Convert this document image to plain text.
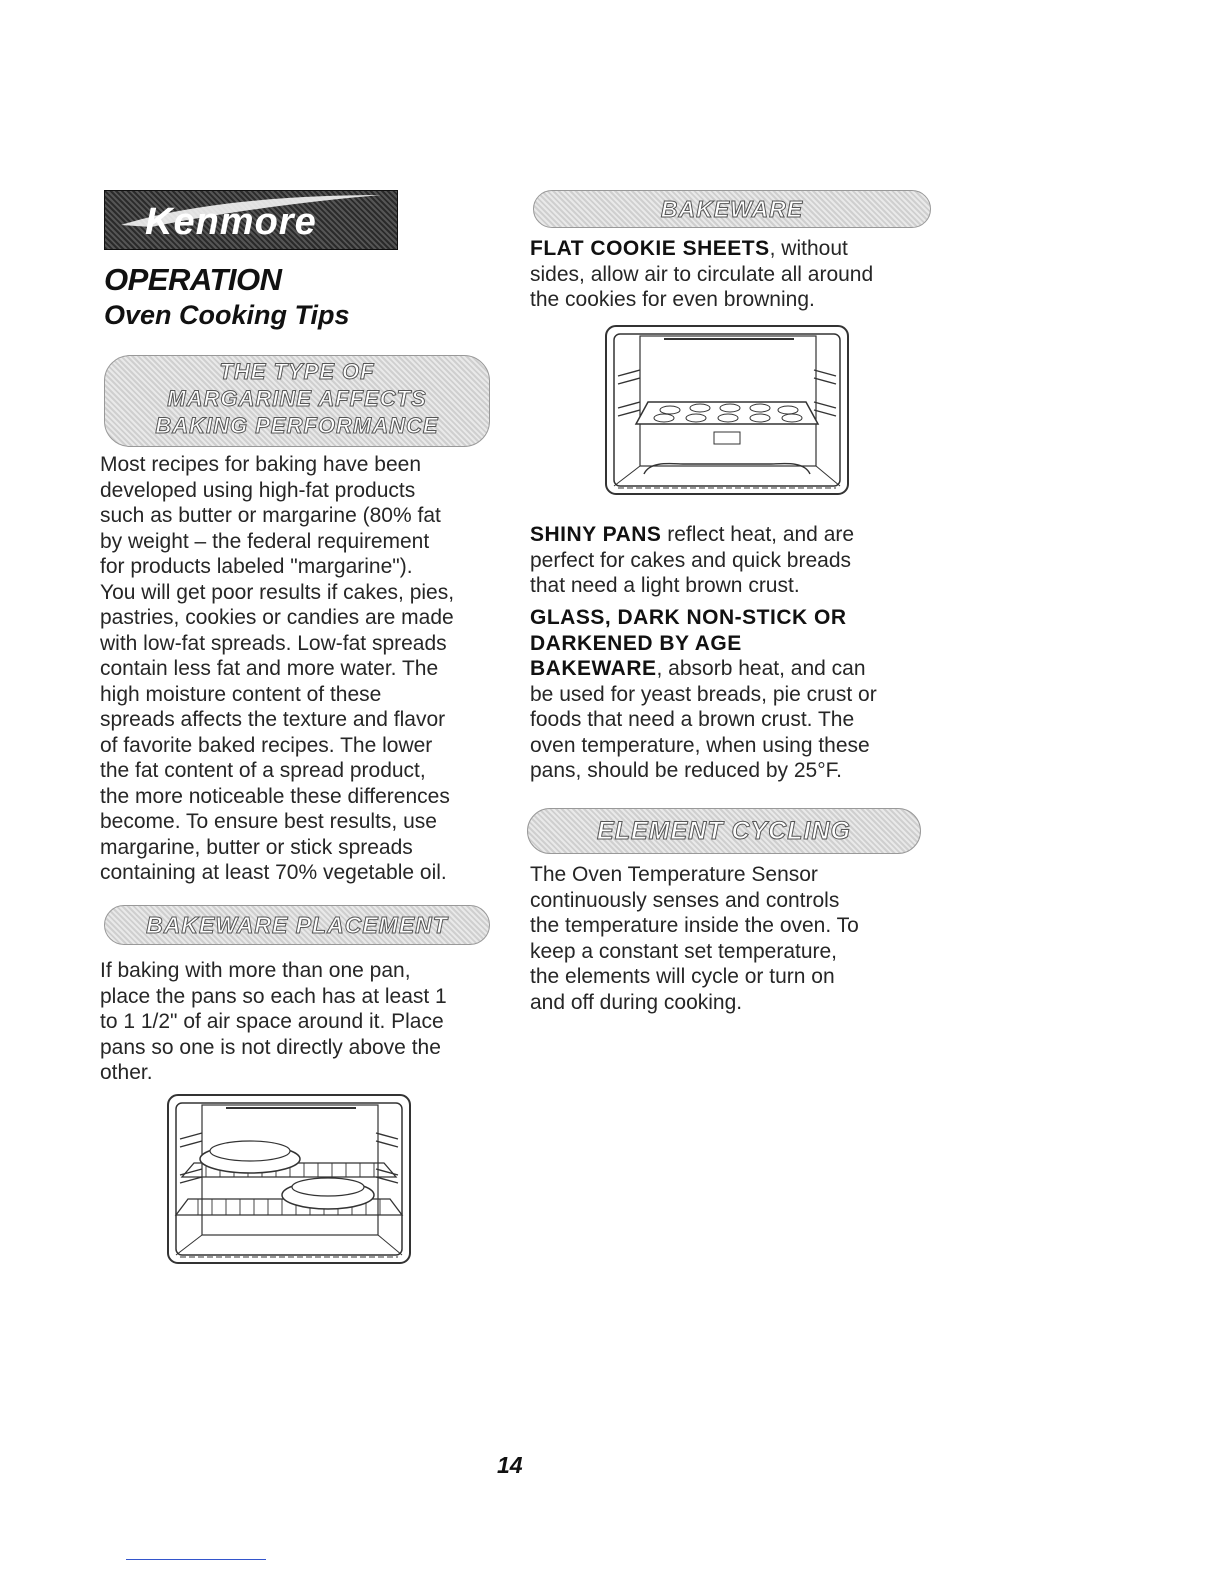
Kenmore
OPERATION
Oven Cooking Tips
THE TYPE OF
MARGARINE AFFECTS
BAKING PERFORMANCE
Most recipes for baking have been
developed using high-fat products
such as butter or margarine (80% fat
by weight – the federal requirement
for products labeled "margarine").
You will get poor results if cakes, pies,
pastries, cookies or candies are made
with low-fat spreads. Low-fat spreads
contain less fat and more water. The
high moisture content of these
spreads affects the texture and flavor
of favorite baked recipes. The lower
the fat content of a spread product,
the more noticeable these differences
become. To ensure best results, use
margarine, butter or stick spreads
containing at least 70% vegetable oil.
BAKEWARE PLACEMENT
If baking with more than one pan,
place the pans so each has at least 1
to 1 1/2" of air space around it. Place
pans so one is not directly above the
other.
BAKEWARE
FLAT COOKIE SHEETS, without
sides, allow air to circulate all around
the cookies for even browning.
SHINY PANS reflect heat, and are
perfect for cakes and quick breads
that need a light brown crust.
GLASS, DARK NON-STICK OR
DARKENED BY AGE
BAKEWARE, absorb heat, and can
be used for yeast breads, pie crust or
foods that need a brown crust. The
oven temperature, when using these
pans, should be reduced by 25°F.
ELEMENT CYCLING
The Oven Temperature Sensor
continuously senses and controls
the temperature inside the oven. To
keep a constant set temperature,
the elements will cycle or turn on
and off during cooking.
14
